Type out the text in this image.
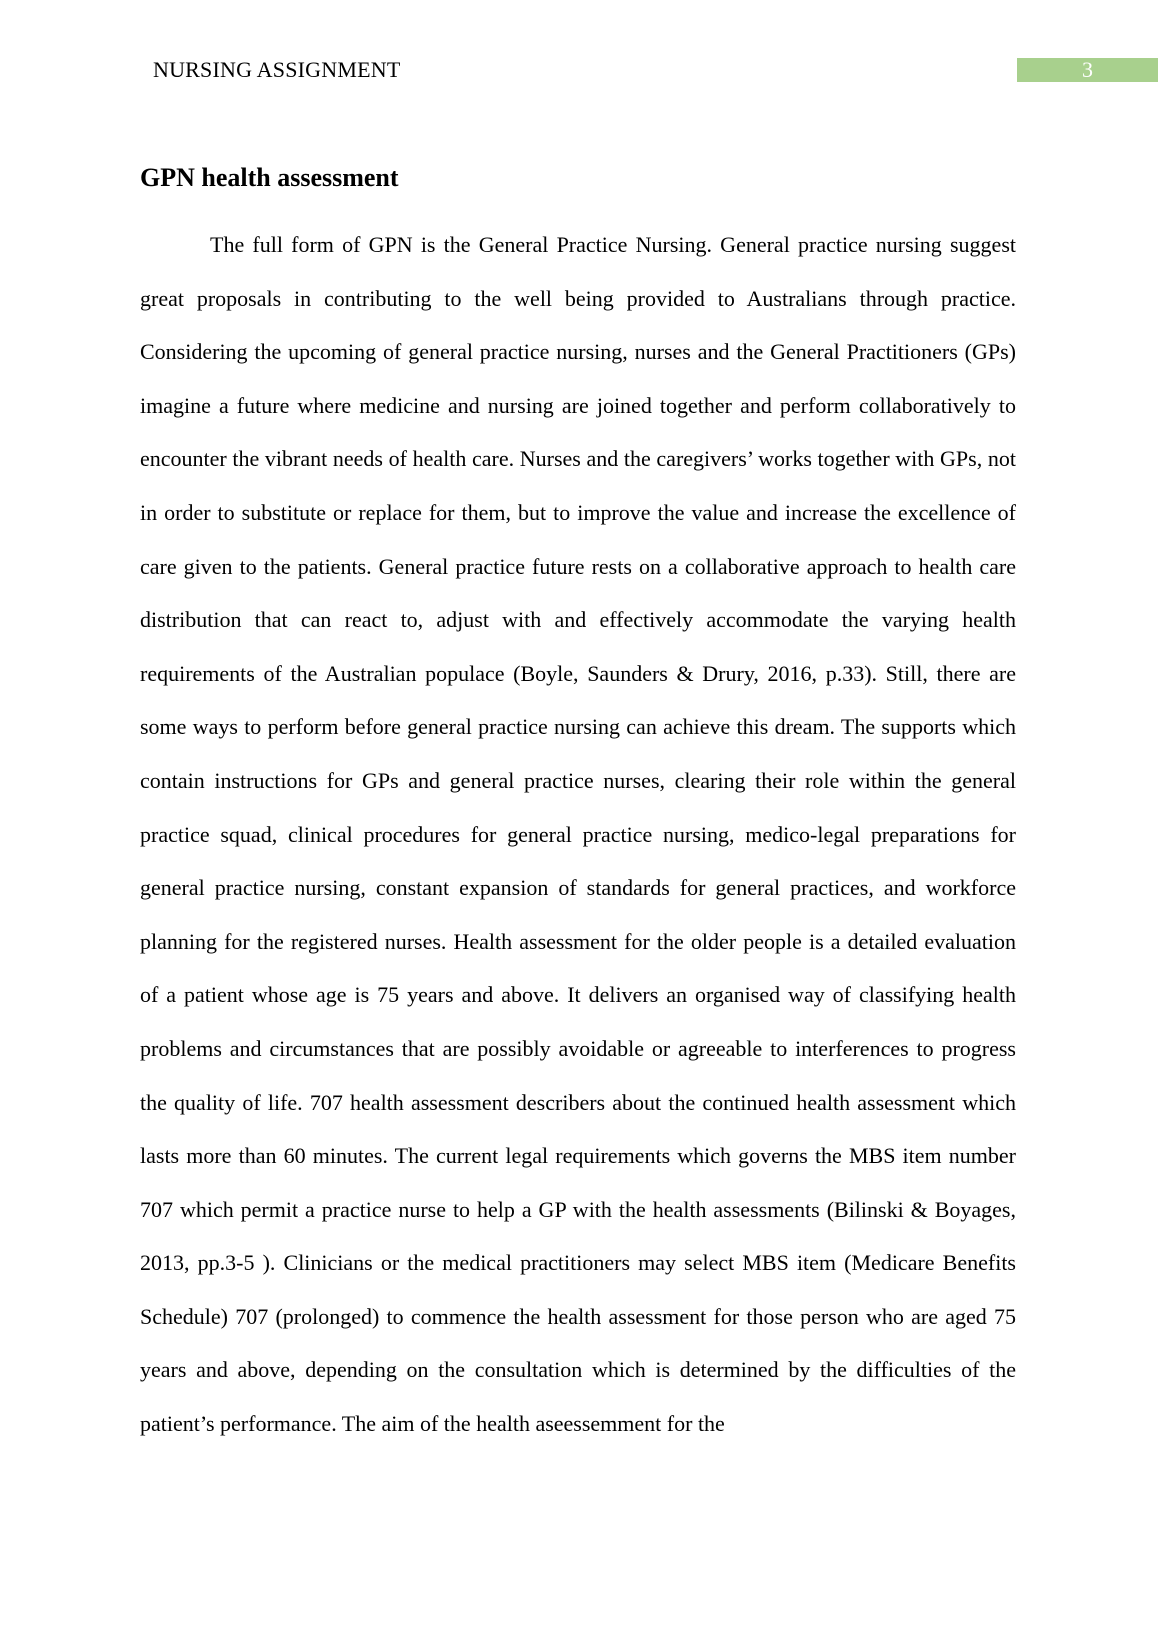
NURSING ASSIGNMENT	3
GPN health assessment

The full form of GPN is the General Practice Nursing. General practice nursing suggest great proposals in contributing to the well being provided to Australians through practice. Considering the upcoming of general practice nursing, nurses and the General Practitioners (GPs) imagine a future where medicine and nursing are joined together and perform collaboratively to encounter the vibrant needs of health care. Nurses and the caregivers’ works together with GPs, not in order to substitute or replace for them, but to improve the value and increase the excellence of care given to the patients. General practice future rests on a collaborative approach to health care distribution that can react to, adjust with and effectively accommodate the varying health requirements of the Australian populace (Boyle, Saunders & Drury, 2016, p.33). Still, there are some ways to perform before general practice nursing can achieve this dream. The supports which contain instructions for GPs and general practice nurses, clearing their role within the general practice squad, clinical procedures for general practice nursing, medico-legal preparations for general practice nursing, constant expansion of standards for general practices, and workforce planning for the registered nurses. Health assessment for the older people is a detailed evaluation of a patient whose age is 75 years and above. It delivers an organised way of classifying health problems and circumstances that are possibly avoidable or agreeable to interferences to progress the quality of life. 707 health assessment describers about the continued health assessment which lasts more than 60 minutes. The current legal requirements which governs the MBS item number 707 which permit a practice nurse to help a GP with the health assessments (Bilinski & Boyages, 2013, pp.3-5 ). Clinicians or the medical practitioners may select MBS item (Medicare Benefits Schedule) 707 (prolonged) to commence the health assessment for those person who are aged 75 years and above, depending on the consultation which is determined by the difficulties of the patient’s performance. The aim of the health aseessemment for the
